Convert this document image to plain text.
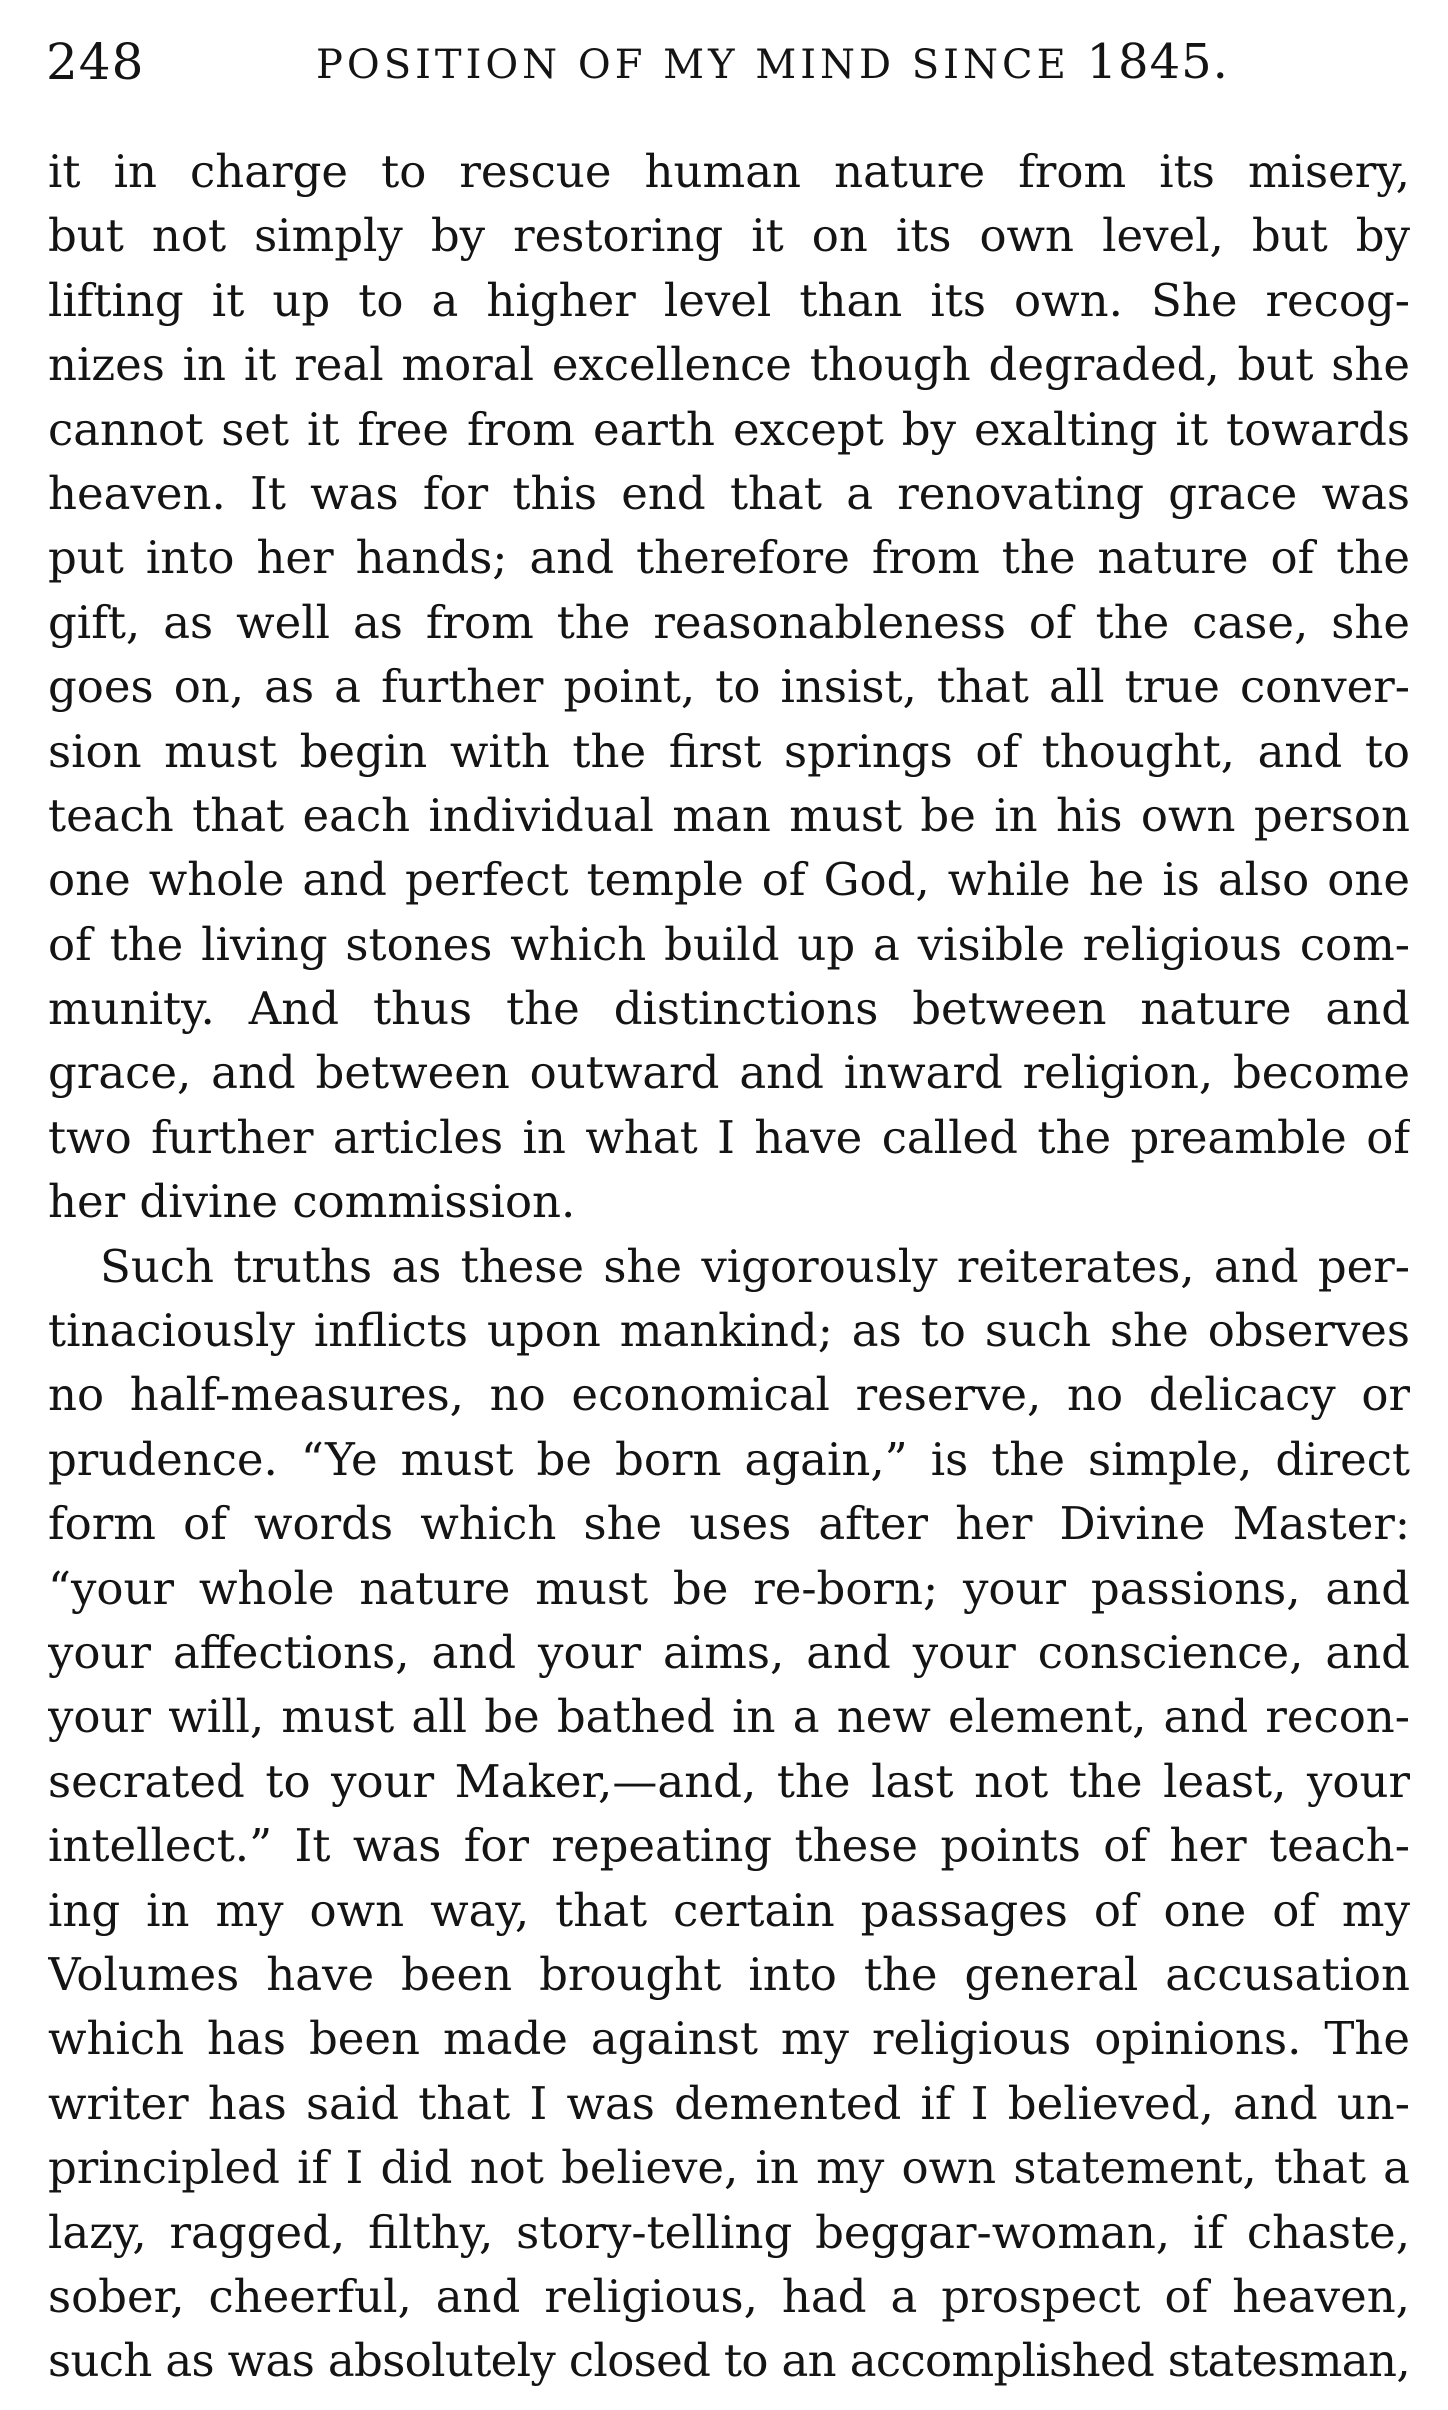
248	POSITION OF MY MIND SINCE 1845.
it in charge to rescue human nature from its misery,
but not simply by restoring it on its own level, but by
lifting it up to a higher level than its own. She recog-
nizes in it real moral excellence though degraded, but she
cannot set it free from earth except by exalting it towards
heaven. It was for this end that a renovating grace was
put into her hands; and therefore from the nature of the
gift, as well as from the reasonableness of the case, she
goes on, as a further point, to insist, that all true conver-
sion must begin with the first springs of thought, and to
teach that each individual man must be in his own person
one whole and perfect temple of God, while he is also one
of the living stones which build up a visible religious com-
munity. And thus the distinctions between nature and
grace, and between outward and inward religion, become
two further articles in what I have called the preamble of
her divine commission.
Such truths as these she vigorously reiterates, and per-
tinaciously inflicts upon mankind; as to such she observes
no half-measures, no economical reserve, no delicacy or
prudence. “Ye must be born again,” is the simple, direct
form of words which she uses after her Divine Master:
“your whole nature must be re-born; your passions, and
your affections, and your aims, and your conscience, and
your will, must all be bathed in a new element, and recon-
secrated to your Maker,—and, the last not the least, your
intellect.” It was for repeating these points of her teach-
ing in my own way, that certain passages of one of my
Volumes have been brought into the general accusation
which has been made against my religious opinions. The
writer has said that I was demented if I believed, and un-
principled if I did not believe, in my own statement, that a
lazy, ragged, filthy, story-telling beggar-woman, if chaste,
sober, cheerful, and religious, had a prospect of heaven,
such as was absolutely closed to an accomplished statesman,
